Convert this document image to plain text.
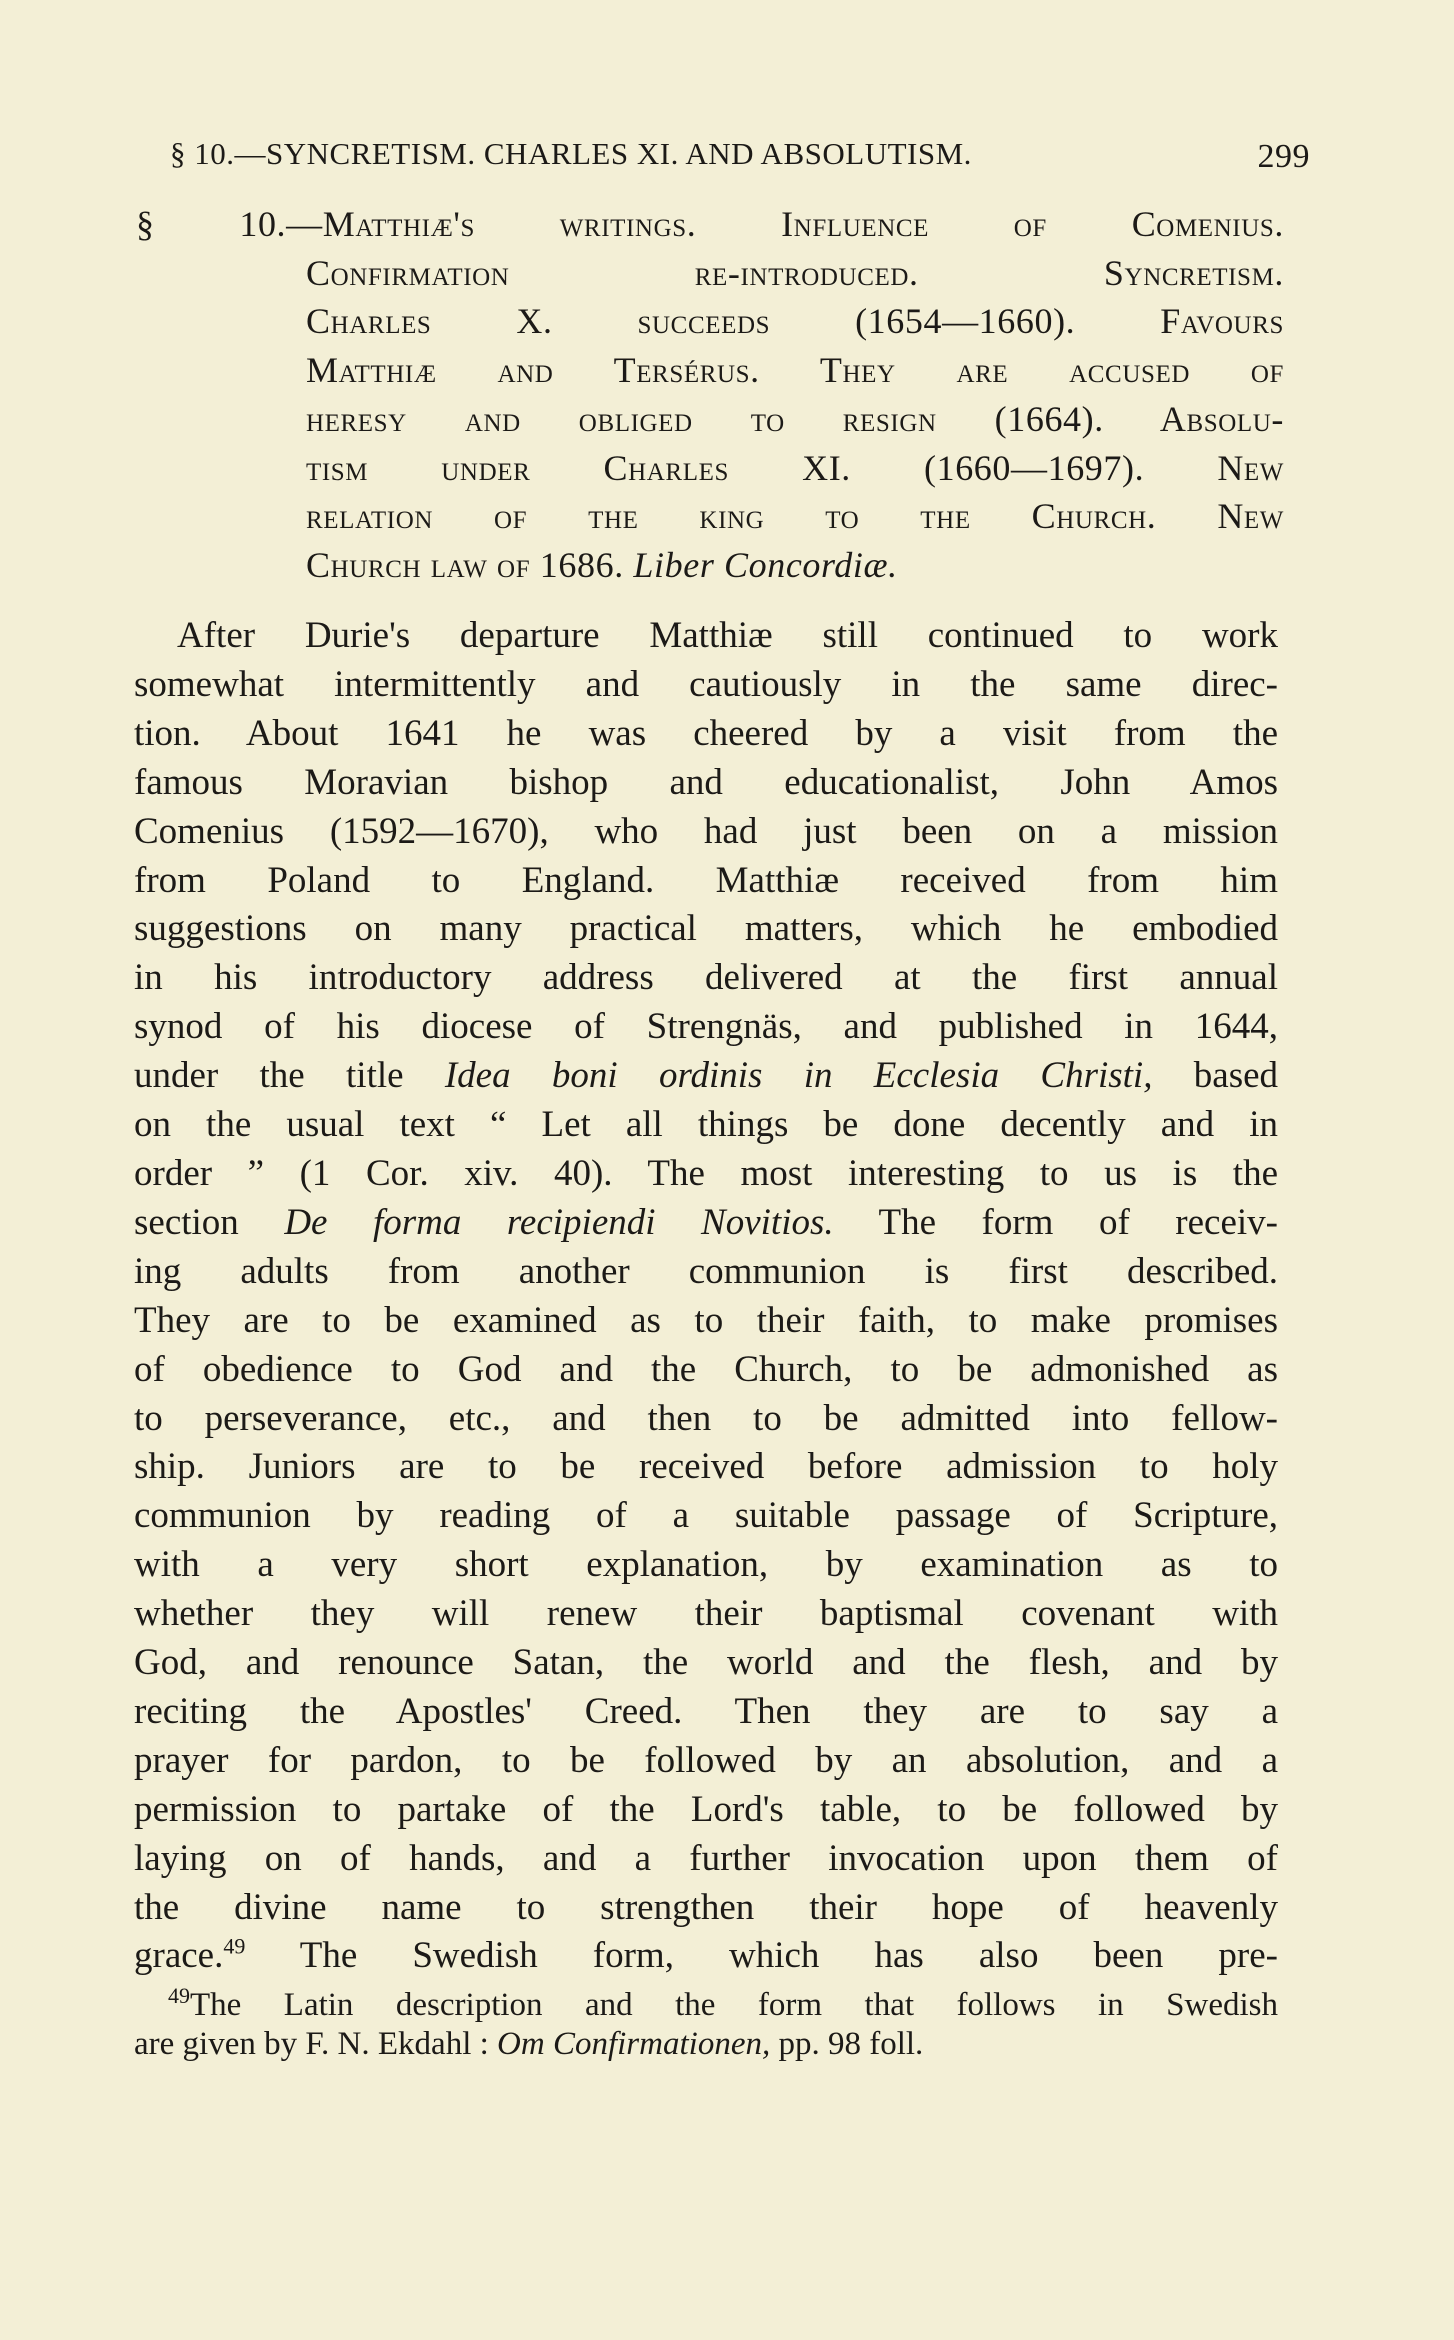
§ 10.—SYNCRETISM. CHARLES XI. AND ABSOLUTISM.	299
§ 10.—Matthiæ's writings. Influence of Comenius.
Confirmation re-introduced. Syncretism.
Charles X. succeeds (1654—1660). Favours
Matthiæ and Tersérus. They are accused of
heresy and obliged to resign (1664). Absolu-
tism under Charles XI. (1660—1697). New
relation of the king to the Church. New
Church law of 1686. Liber Concordiæ.
After Durie's departure Matthiæ still continued to work
somewhat intermittently and cautiously in the same direc-
tion. About 1641 he was cheered by a visit from the
famous Moravian bishop and educationalist, John Amos
Comenius (1592—1670), who had just been on a mission
from Poland to England. Matthiæ received from him
suggestions on many practical matters, which he embodied
in his introductory address delivered at the first annual
synod of his diocese of Strengnäs, and published in 1644,
under the title Idea boni ordinis in Ecclesia Christi, based
on the usual text “ Let all things be done decently and in
order ” (1 Cor. xiv. 40). The most interesting to us is the
section De forma recipiendi Novitios. The form of receiv-
ing adults from another communion is first described.
They are to be examined as to their faith, to make promises
of obedience to God and the Church, to be admonished as
to perseverance, etc., and then to be admitted into fellow-
ship. Juniors are to be received before admission to holy
communion by reading of a suitable passage of Scripture,
with a very short explanation, by examination as to
whether they will renew their baptismal covenant with
God, and renounce Satan, the world and the flesh, and by
reciting the Apostles' Creed. Then they are to say a
prayer for pardon, to be followed by an absolution, and a
permission to partake of the Lord's table, to be followed by
laying on of hands, and a further invocation upon them of
the divine name to strengthen their hope of heavenly
grace.$^{49}$ The Swedish form, which has also been pre-
$^{49}$The Latin description and the form that follows in Swedish
are given by F. N. Ekdahl : Om Confirmationen, pp. 98 foll.
